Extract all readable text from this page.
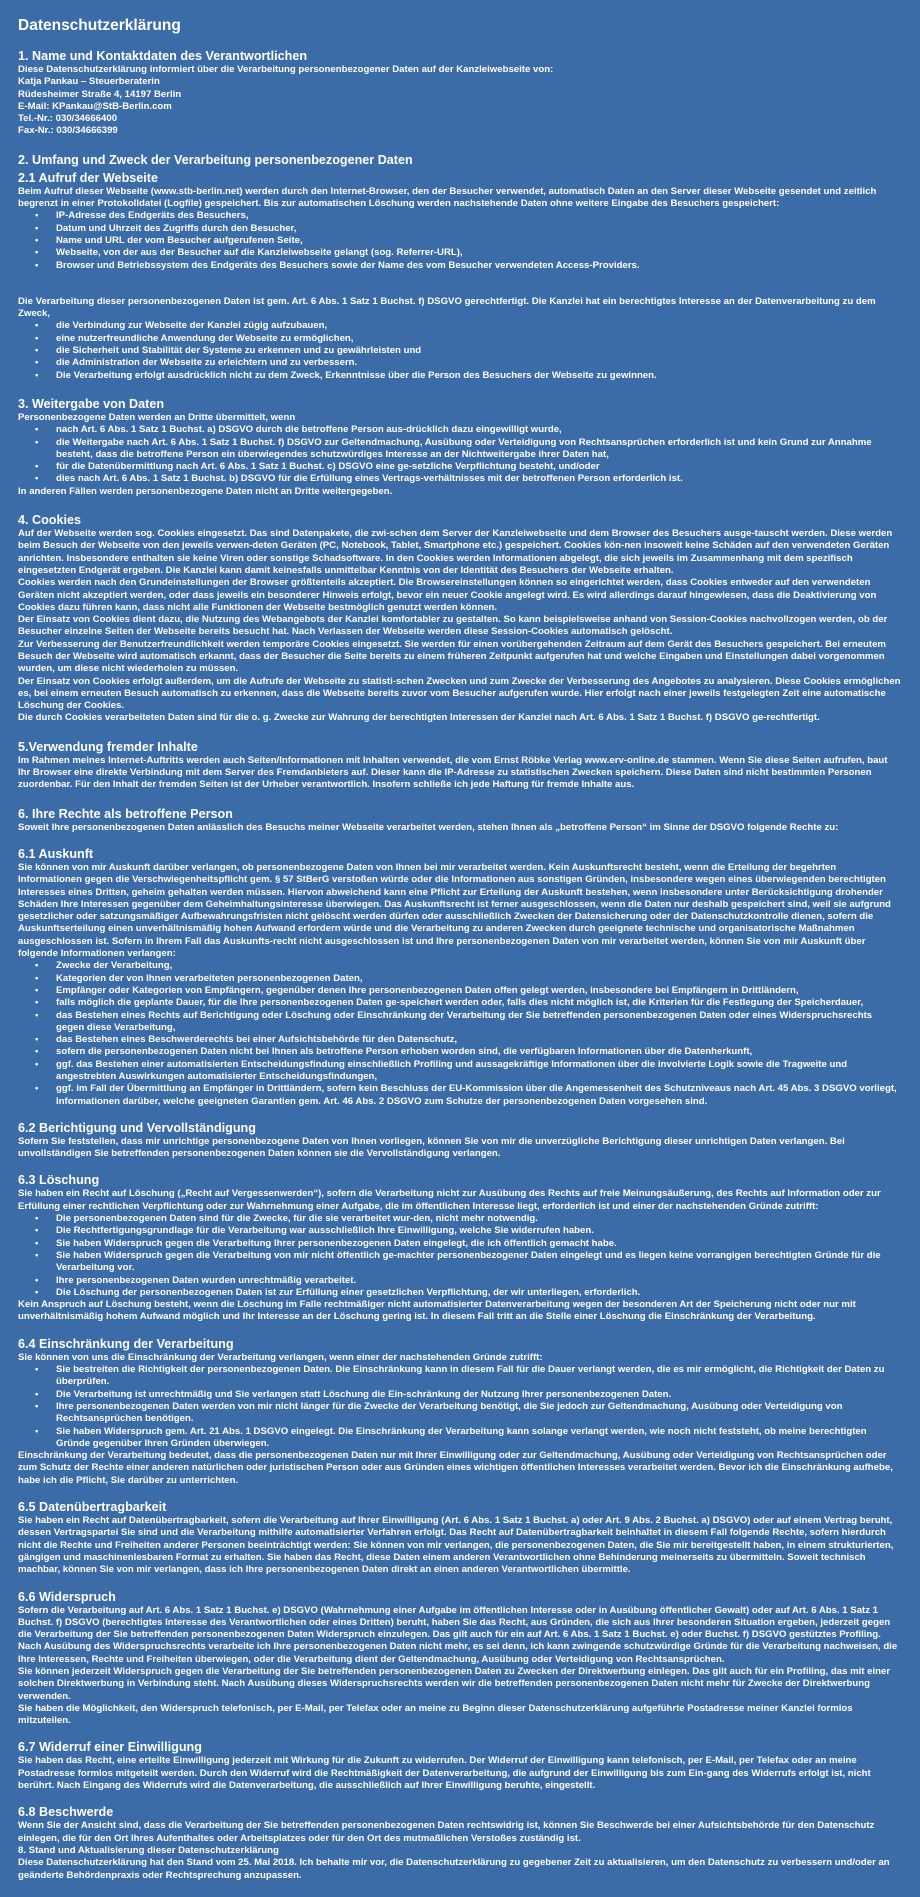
Datenschutzerklärung
1. Name und Kontaktdaten des Verantwortlichen

Diese Datenschutzerklärung informiert über die Verarbeitung personenbezogener Daten auf der Kanzleiwebseite von:

Katja Pankau – Steuerberaterin

Rüdesheimer Straße 4, 14197 Berlin

E-Mail: KPankau@StB-Berlin.com

Tel.-Nr.: 030/34666400

Fax-Nr.: 030/34666399

2. Umfang und Zweck der Verarbeitung personenbezogener Daten
2.1 Aufruf der Webseite

Beim Aufruf dieser Webseite (www.stb-berlin.net) werden durch den Internet-Browser, den der Besucher verwendet, automatisch Daten an den Server dieser Webseite gesendet und zeitlich begrenzt in einer Protokolldatei (Logfile) gespeichert. Bis zur automatischen Löschung werden nachstehende Daten ohne weitere Eingabe des Besuchers gespeichert:

• IP-Adresse des Endgeräts des Besuchers,
• Datum und Uhrzeit des Zugriffs durch den Besucher,
• Name und URL der vom Besucher aufgerufenen Seite,
• Webseite, von der aus der Besucher auf die Kanzleiwebseite gelangt (sog. Referrer-URL),
• Browser und Betriebssystem des Endgeräts des Besuchers sowie der Name des vom Besucher verwendeten Access-Providers.

Die Verarbeitung dieser personenbezogenen Daten ist gem. Art. 6 Abs. 1 Satz 1 Buchst. f) DSGVO gerechtfertigt. Die Kanzlei hat ein berechtigtes Interesse an der Datenverarbeitung zu dem Zweck,

• die Verbindung zur Webseite der Kanzlei zügig aufzubauen,
• eine nutzerfreundliche Anwendung der Webseite zu ermöglichen,
• die Sicherheit und Stabilität der Systeme zu erkennen und zu gewährleisten und
• die Administration der Webseite zu erleichtern und zu verbessern.
• Die Verarbeitung erfolgt ausdrücklich nicht zu dem Zweck, Erkenntnisse über die Person des Besuchers der Webseite zu gewinnen.
3. Weitergabe von Daten

Personenbezogene Daten werden an Dritte übermittelt, wenn

• nach Art. 6 Abs. 1 Satz 1 Buchst. a) DSGVO durch die betroffene Person aus-drücklich dazu eingewilligt wurde,
• die Weitergabe nach Art. 6 Abs. 1 Satz 1 Buchst. f) DSGVO zur Geltendmachung, Ausübung oder Verteidigung von Rechtsansprüchen erforderlich ist und kein Grund zur Annahme besteht, dass die betroffene Person ein überwiegendes schutzwürdiges Interesse an der Nichtweitergabe ihrer Daten hat,
• für die Datenübermittlung nach Art. 6 Abs. 1 Satz 1 Buchst. c) DSGVO eine ge-setzliche Verpflichtung besteht, und/oder
• dies nach Art. 6 Abs. 1 Satz 1 Buchst. b) DSGVO für die Erfüllung eines Vertrags-verhältnisses mit der betroffenen Person erforderlich ist.

In anderen Fällen werden personenbezogene Daten nicht an Dritte weitergegeben.

4. Cookies

Auf der Webseite werden sog. Cookies eingesetzt. Das sind Datenpakete, die zwi-schen dem Server der Kanzleiwebseite und dem Browser des Besuchers ausge-tauscht werden. Diese werden beim Besuch der Webseite von den jeweils verwen-deten Geräten (PC, Notebook, Tablet, Smartphone etc.) gespeichert. Cookies kön-nen insoweit keine Schäden auf den verwendeten Geräten anrichten. Insbesondere enthalten sie keine Viren oder sonstige Schadsoftware. In den Cookies werden Informationen abgelegt, die sich jeweils im Zusammenhang mit dem spezifisch eingesetzten Endgerät ergeben. Die Kanzlei kann damit keinesfalls unmittelbar Kenntnis von der Identität des Besuchers der Webseite erhalten.

Cookies werden nach den Grundeinstellungen der Browser größtenteils akzeptiert. Die Browsereinstellungen können so eingerichtet werden, dass Cookies entweder auf den verwendeten Geräten nicht akzeptiert werden, oder dass jeweils ein besonderer Hinweis erfolgt, bevor ein neuer Cookie angelegt wird. Es wird allerdings darauf hingewiesen, dass die Deaktivierung von Cookies dazu führen kann, dass nicht alle Funktionen der Webseite bestmöglich genutzt werden können.

Der Einsatz von Cookies dient dazu, die Nutzung des Webangebots der Kanzlei komfortabler zu gestalten. So kann beispielsweise anhand von Session-Cookies nachvollzogen werden, ob der Besucher einzelne Seiten der Webseite bereits besucht hat. Nach Verlassen der Webseite werden diese Session-Cookies automatisch gelöscht.

Zur Verbesserung der Benutzerfreundlichkeit werden temporäre Cookies eingesetzt. Sie werden für einen vorübergehenden Zeitraum auf dem Gerät des Besuchers gespeichert. Bei erneutem Besuch der Webseite wird automatisch erkannt, dass der Besucher die Seite bereits zu einem früheren Zeitpunkt aufgerufen hat und welche Eingaben und Einstellungen dabei vorgenommen wurden, um diese nicht wiederholen zu müssen.

Der Einsatz von Cookies erfolgt außerdem, um die Aufrufe der Webseite zu statisti-schen Zwecken und zum Zwecke der Verbesserung des Angebotes zu analysieren. Diese Cookies ermöglichen es, bei einem erneuten Besuch automatisch zu erkennen, dass die Webseite bereits zuvor vom Besucher aufgerufen wurde. Hier erfolgt nach einer jeweils festgelegten Zeit eine automatische Löschung der Cookies.

Die durch Cookies verarbeiteten Daten sind für die o. g. Zwecke zur Wahrung der berechtigten Interessen der Kanzlei nach Art. 6 Abs. 1 Satz 1 Buchst. f) DSGVO ge-rechtfertigt.

5.Verwendung fremder Inhalte

Im Rahmen meines Internet-Auftritts werden auch Seiten/Informationen mit Inhalten verwendet, die vom Ernst Röbke Verlag www.erv-online.de stammen. Wenn Sie diese Seiten aufrufen, baut Ihr Browser eine direkte Verbindung mit dem Server des Fremdanbieters auf. Dieser kann die IP-Adresse zu statistischen Zwecken speichern. Diese Daten sind nicht bestimmten Personen zuordenbar. Für den Inhalt der fremden Seiten ist der Urheber verantwortlich. Insofern schließe ich jede Haftung für fremde Inhalte aus.

6. Ihre Rechte als betroffene Person

Soweit Ihre personenbezogenen Daten anlässlich des Besuchs meiner Webseite verarbeitet werden, stehen Ihnen als „betroffene Person“ im Sinne der DSGVO folgende Rechte zu:

6.1 Auskunft

Sie können von mir Auskunft darüber verlangen, ob personenbezogene Daten von Ihnen bei mir verarbeitet werden. Kein Auskunftsrecht besteht, wenn die Erteilung der begehrten Informationen gegen die Verschwiegenheitspflicht gem. § 57 StBerG verstoßen würde oder die Informationen aus sonstigen Gründen, insbesondere wegen eines überwiegenden berechtigten Interesses eines Dritten, geheim gehalten werden müssen. Hiervon abweichend kann eine Pflicht zur Erteilung der Auskunft bestehen, wenn insbesondere unter Berücksichtigung drohender Schäden Ihre Interessen gegenüber dem Geheimhaltungsinteresse überwiegen. Das Auskunftsrecht ist ferner ausgeschlossen, wenn die Daten nur deshalb gespeichert sind, weil sie aufgrund gesetzlicher oder satzungsmäßiger Aufbewahrungsfristen nicht gelöscht werden dürfen oder ausschließlich Zwecken der Datensicherung oder der Datenschutzkontrolle dienen, sofern die Auskunftserteilung einen unverhältnismäßig hohen Aufwand erfordern würde und die Verarbeitung zu anderen Zwecken durch geeignete technische und organisatorische Maßnahmen ausgeschlossen ist. Sofern in Ihrem Fall das Auskunfts-recht nicht ausgeschlossen ist und Ihre personenbezogenen Daten von mir verarbeitet werden, können Sie von mir Auskunft über folgende Informationen verlangen:

• Zwecke der Verarbeitung,
• Kategorien der von Ihnen verarbeiteten personenbezogenen Daten,
• Empfänger oder Kategorien von Empfängern, gegenüber denen Ihre personenbezogenen Daten offen gelegt werden, insbesondere bei Empfängern in Drittländern,
• falls möglich die geplante Dauer, für die Ihre personenbezogenen Daten ge-speichert werden oder, falls dies nicht möglich ist, die Kriterien für die Festlegung der Speicherdauer,
• das Bestehen eines Rechts auf Berichtigung oder Löschung oder Einschränkung der Verarbeitung der Sie betreffenden personenbezogenen Daten oder eines Widerspruchsrechts gegen diese Verarbeitung,
• das Bestehen eines Beschwerderechts bei einer Aufsichtsbehörde für den Datenschutz,
• sofern die personenbezogenen Daten nicht bei Ihnen als betroffene Person erhoben worden sind, die verfügbaren Informationen über die Datenherkunft,
• ggf. das Bestehen einer automatisierten Entscheidungsfindung einschließlich Profiling und aussagekräftige Informationen über die involvierte Logik sowie die Tragweite und angestrebten Auswirkungen automatisierter Entscheidungsfindungen,
• ggf. im Fall der Übermittlung an Empfänger in Drittländern, sofern kein Beschluss der EU-Kommission über die Angemessenheit des Schutzniveaus nach Art. 45 Abs. 3 DSGVO vorliegt, Informationen darüber, welche geeigneten Garantien gem. Art. 46 Abs. 2 DSGVO zum Schutze der personenbezogenen Daten vorgesehen sind.
6.2 Berichtigung und Vervollständigung

Sofern Sie feststellen, dass mir unrichtige personenbezogene Daten von Ihnen vorliegen, können Sie von mir die unverzügliche Berichtigung dieser unrichtigen Daten verlangen. Bei unvollständigen Sie betreffenden personenbezogenen Daten können sie die Vervollständigung verlangen.

6.3 Löschung

Sie haben ein Recht auf Löschung („Recht auf Vergessenwerden“), sofern die Verarbeitung nicht zur Ausübung des Rechts auf freie Meinungsäußerung, des Rechts auf Information oder zur Erfüllung einer rechtlichen Verpflichtung oder zur Wahrnehmung einer Aufgabe, die im öffentlichen Interesse liegt, erforderlich ist und einer der nachstehenden Gründe zutrifft:

• Die personenbezogenen Daten sind für die Zwecke, für die sie verarbeitet wur-den, nicht mehr notwendig.
• Die Rechtfertigungsgrundlage für die Verarbeitung war ausschließlich Ihre Einwilligung, welche Sie widerrufen haben.
• Sie haben Widerspruch gegen die Verarbeitung Ihrer personenbezogenen Daten eingelegt, die ich öffentlich gemacht habe.
• Sie haben Widerspruch gegen die Verarbeitung von mir nicht öffentlich ge-machter personenbezogener Daten eingelegt und es liegen keine vorrangigen berechtigten Gründe für die Verarbeitung vor.
• Ihre personenbezogenen Daten wurden unrechtmäßig verarbeitet.
• Die Löschung der personenbezogenen Daten ist zur Erfüllung einer gesetzlichen Verpflichtung, der wir unterliegen, erforderlich.

Kein Anspruch auf Löschung besteht, wenn die Löschung im Falle rechtmäßiger nicht automatisierter Datenverarbeitung wegen der besonderen Art der Speicherung nicht oder nur mit unverhältnismäßig hohem Aufwand möglich und Ihr Interesse an der Löschung gering ist. In diesem Fall tritt an die Stelle einer Löschung die Einschränkung der Verarbeitung.

6.4 Einschränkung der Verarbeitung

Sie können von uns die Einschränkung der Verarbeitung verlangen, wenn einer der nachstehenden Gründe zutrifft:

• Sie bestreiten die Richtigkeit der personenbezogenen Daten. Die Einschränkung kann in diesem Fall für die Dauer verlangt werden, die es mir ermöglicht, die Richtigkeit der Daten zu überprüfen.
• Die Verarbeitung ist unrechtmäßig und Sie verlangen statt Löschung die Ein-schränkung der Nutzung Ihrer personenbezogenen Daten.
• Ihre personenbezogenen Daten werden von mir nicht länger für die Zwecke der Verarbeitung benötigt, die Sie jedoch zur Geltendmachung, Ausübung oder Verteidigung von Rechtsansprüchen benötigen.
• Sie haben Widerspruch gem. Art. 21 Abs. 1 DSGVO eingelegt. Die Einschränkung der Verarbeitung kann solange verlangt werden, wie noch nicht feststeht, ob meine berechtigten Gründe gegenüber Ihren Gründen überwiegen.

Einschränkung der Verarbeitung bedeutet, dass die personenbezogenen Daten nur mit Ihrer Einwilligung oder zur Geltendmachung, Ausübung oder Verteidigung von Rechtsansprüchen oder zum Schutz der Rechte einer anderen natürlichen oder juristischen Person oder aus Gründen eines wichtigen öffentlichen Interesses verarbeitet werden. Bevor ich die Einschränkung aufhebe, habe ich die Pflicht, Sie darüber zu unterrichten.

6.5 Datenübertragbarkeit

Sie haben ein Recht auf Datenübertragbarkeit, sofern die Verarbeitung auf Ihrer Einwilligung (Art. 6 Abs. 1 Satz 1 Buchst. a) oder Art. 9 Abs. 2 Buchst. a) DSGVO) oder auf einem Vertrag beruht, dessen Vertragspartei Sie sind und die Verarbeitung mithilfe automatisierter Verfahren erfolgt. Das Recht auf Datenübertragbarkeit beinhaltet in diesem Fall folgende Rechte, sofern hierdurch nicht die Rechte und Freiheiten anderer Personen beeinträchtigt werden: Sie können von mir verlangen, die personenbezogenen Daten, die Sie mir bereitgestellt haben, in einem strukturierten, gängigen und maschinenlesbaren Format zu erhalten. Sie haben das Recht, diese Daten einem anderen Verantwortlichen ohne Behinderung meinerseits zu übermitteln. Soweit technisch machbar, können Sie von mir verlangen, dass ich Ihre personenbezogenen Daten direkt an einen anderen Verantwortlichen übermittle.

6.6 Widerspruch

Sofern die Verarbeitung auf Art. 6 Abs. 1 Satz 1 Buchst. e) DSGVO (Wahrnehmung einer Aufgabe im öffentlichen Interesse oder in Ausübung öffentlicher Gewalt) oder auf Art. 6 Abs. 1 Satz 1 Buchst. f) DSGVO (berechtigtes Interesse des Verantwortlichen oder eines Dritten) beruht, haben Sie das Recht, aus Gründen, die sich aus Ihrer besonderen Situation ergeben, jederzeit gegen die Verarbeitung der Sie betreffenden personenbezogenen Daten Widerspruch einzulegen. Das gilt auch für ein auf Art. 6 Abs. 1 Satz 1 Buchst. e) oder Buchst. f) DSGVO gestütztes Profiling. Nach Ausübung des Widerspruchsrechts verarbeite ich Ihre personenbezogenen Daten nicht mehr, es sei denn, ich kann zwingende schutzwürdige Gründe für die Verarbeitung nachweisen, die Ihre Interessen, Rechte und Freiheiten überwiegen, oder die Verarbeitung dient der Geltendmachung, Ausübung oder Verteidigung von Rechtsansprüchen.

Sie können jederzeit Widerspruch gegen die Verarbeitung der Sie betreffenden personenbezogenen Daten zu Zwecken der Direktwerbung einlegen. Das gilt auch für ein Profiling, das mit einer solchen Direktwerbung in Verbindung steht. Nach Ausübung dieses Widerspruchsrechts werden wir die betreffenden personenbezogenen Daten nicht mehr für Zwecke der Direktwerbung verwenden.

Sie haben die Möglichkeit, den Widerspruch telefonisch, per E-Mail, per Telefax oder an meine zu Beginn dieser Datenschutzerklärung aufgeführte Postadresse meiner Kanzlei formlos mitzuteilen.

6.7 Widerruf einer Einwilligung

Sie haben das Recht, eine erteilte Einwilligung jederzeit mit Wirkung für die Zukunft zu widerrufen. Der Widerruf der Einwilligung kann telefonisch, per E-Mail, per Telefax oder an meine Postadresse formlos mitgeteilt werden. Durch den Widerruf wird die Rechtmäßigkeit der Datenverarbeitung, die aufgrund der Einwilligung bis zum Ein-gang des Widerrufs erfolgt ist, nicht berührt. Nach Eingang des Widerrufs wird die Datenverarbeitung, die ausschließlich auf Ihrer Einwilligung beruhte, eingestellt.

6.8 Beschwerde

Wenn Sie der Ansicht sind, dass die Verarbeitung der Sie betreffenden personenbezogenen Daten rechtswidrig ist, können Sie Beschwerde bei einer Aufsichtsbehörde für den Datenschutz einlegen, die für den Ort Ihres Aufenthaltes oder Arbeitsplatzes oder für den Ort des mutmaßlichen Verstoßes zuständig ist.

8. Stand und Aktualisierung dieser Datenschutzerklärung

Diese Datenschutzerklärung hat den Stand vom 25. Mai 2018. Ich behalte mir vor, die Datenschutzerklärung zu gegebener Zeit zu aktualisieren, um den Datenschutz zu verbessern und/oder an geänderte Behördenpraxis oder Rechtsprechung anzupassen.
